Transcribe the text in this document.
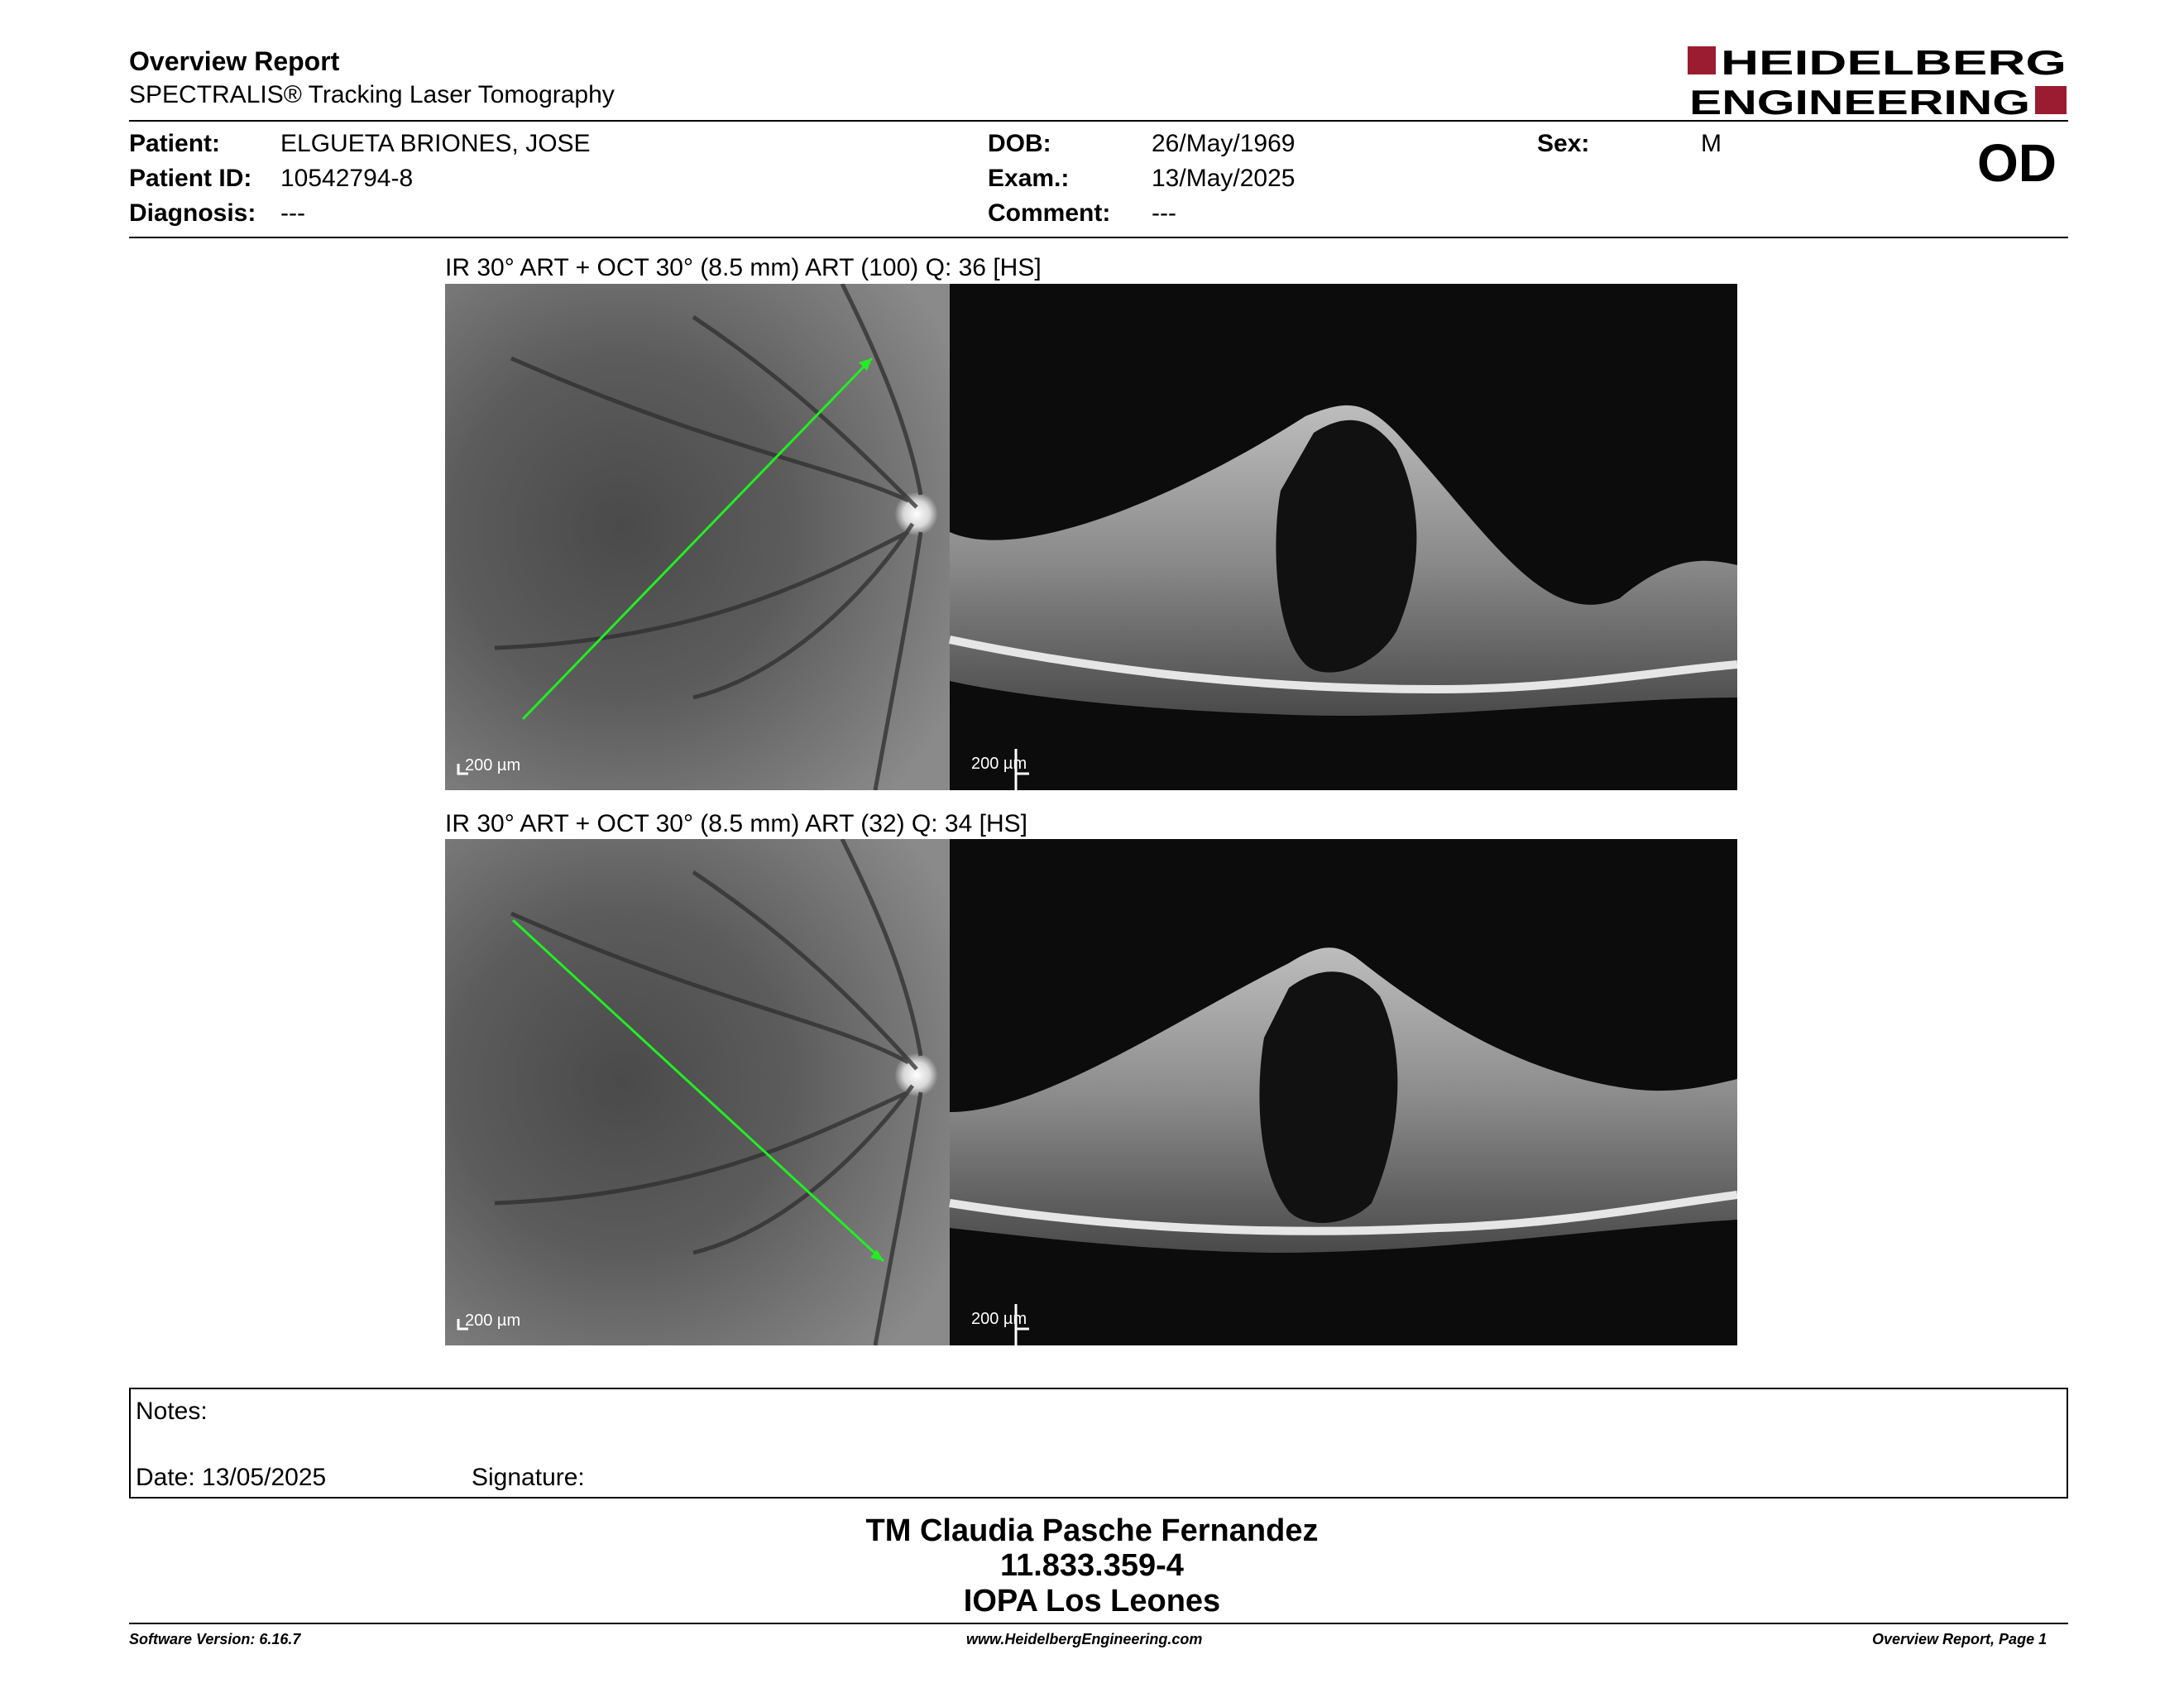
Overview Report
SPECTRALIS® Tracking Laser Tomography
HEIDELBERG
ENGINEERING
Patient: ELGUETA BRIONES, JOSE
Patient ID: 10542794-8
Diagnosis: ---
DOB:	26/May/1969
Exam.:	13/May/2025
Comment: ---
Sex:	M	OD
IR 30° ART + OCT 30° (8.5 mm) ART (100) Q: 36 [HS]
200 µm	200 µm
IR 30° ART + OCT 30° (8.5 mm) ART (32) Q: 34 [HS]
200 µm	200 µm
Notes:
Date: 13/05/2025	Signature:
TM Claudia Pasche Fernandez
11.833.359-4
IOPA Los Leones
Software Version: 6.16.7	www.HeidelbergEngineering.com	Overview Report, Page 1
